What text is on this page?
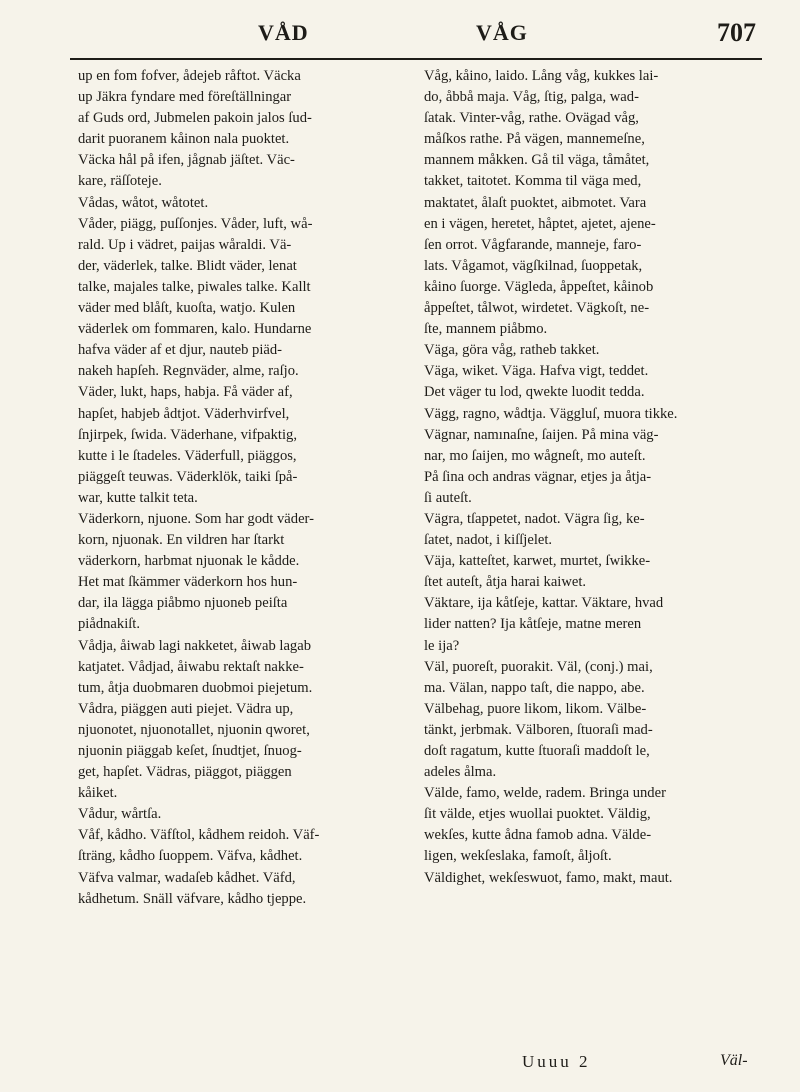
VÅD	VÅG	707
up en fom fofver, ådejeb råftot. Väcka
up Jäkra fyndare med föreſtällningar
af Guds ord, Jubmelen pakoin jalos ſud-
darit puoranem kåinon nala puoktet.
Väcka hål på ifen, jågnab jäſtet. Väc-
kare, räſſoteje.
Vådas, wåtot, wåtotet.
Våder, piägg, puſſonjes. Våder, luft, wå-
rald. Up i vädret, paijas wåraldi. Vä-
der, väderlek, talke. Blidt väder, lenat
talke, majales talke, piwales talke. Kallt
väder med blåſt, kuoſta, watjo. Kulen
väderlek om fommaren, kalo. Hundarne
hafva väder af et djur, nauteb piäd-
nakeh hapſeh. Regnväder, alme, raſjo.
Väder, lukt, haps, habja. Få väder af,
hapſet, habjeb ådtjot. Väderhvirfvel,
ſnjirpek, ſwida. Väderhane, vifpaktig,
kutte i le ſtadeles. Väderfull, piäggos,
piäggeſt teuwas. Väderklök, taiki ſpå-
war, kutte talkit teta.
Väderkorn, njuone. Som har godt väder-
korn, njuonak. En vildren har ſtarkt
väderkorn, harbmat njuonak le kådde.
Het mat ſkämmer väderkorn hos hun-
dar, ila lägga piåbmo njuoneb peiſta
piådnakiſt.
Vådja, åiwab lagi nakketet, åiwab lagab
katjatet. Vådjad, åiwabu rektaſt nakke-
tum, åtja duobmaren duobmoi piejetum.
Vådra, piäggen auti piejet. Vädra up,
njuonotet, njuonotallet, njuonin qworet,
njuonin piäggab keſet, ſnudtjet, ſnuog-
get, hapſet. Vädras, piäggot, piäggen
kåiket.
Vådur, wårtſa.
Våf, kådho. Väfſtol, kådhem reidoh. Väf-
ſträng, kådho ſuoppem. Väfva, kådhet.
Väfva valmar, wadaſeb kådhet. Väfd,
kådhetum. Snäll väfvare, kådho tjeppe.
Våg, kåino, laido. Lång våg, kukkes lai-
do, åbbå maja. Våg, ſtig, palga, wad-
ſatak. Vinter-våg, rathe. Ovägad våg,
måſkos rathe. På vägen, mannemeſne,
mannem måkken. Gå til väga, tåmåtet,
takket, taitotet. Komma til väga med,
maktatet, ålaſt puoktet, aibmotet. Vara
en i vägen, heretet, håptet, ajetet, ajene-
ſen orrot. Vågfarande, manneje, faro-
lats. Vågamot, vägſkilnad, ſuoppetak,
kåino ſuorge. Vägleda, åppeſtet, kåinob
åppeſtet, tålwot, wirdetet. Vägkoſt, ne-
ſte, mannem piåbmo.
Väga, göra våg, ratheb takket.
Väga, wiket. Väga. Hafva vigt, teddet.
Det väger tu lod, qwekte luodit tedda.
Vägg, ragno, wådtja. Väggluſ, muora tikke.
Vägnar, namınaſne, ſaijen. På mina väg-
nar, mo ſaijen, mo wågneſt, mo auteſt.
På ſina och andras vägnar, etjes ja åtja-
ſi auteſt.
Vägra, tſappetet, nadot. Vägra ſig, ke-
ſatet, nadot, i kiſſjelet.
Väja, katteſtet, karwet, murtet, ſwikke-
ſtet auteſt, åtja harai kaiwet.
Väktare, ija kåtſeje, kattar. Väktare, hvad
lider natten? Ija kåtſeje, matne meren
le ija?
Väl, puoreſt, puorakit. Väl, (conj.) mai,
ma. Välan, nappo taſt, die nappo, abe.
Välbehag, puore likom, likom. Välbe-
tänkt, jerbmak. Välboren, ſtuoraſi mad-
doſt ragatum, kutte ſtuoraſi maddoſt le,
adeles ålma.
Välde, famo, welde, radem. Bringa under
ſit välde, etjes wuollai puoktet. Väldig,
wekſes, kutte ådna famob adna. Välde-
ligen, wekſeslaka, famoſt, åljoſt.
Väldighet, wekſeswuot, famo, makt, maut.
Uuuu 2	Väl-
